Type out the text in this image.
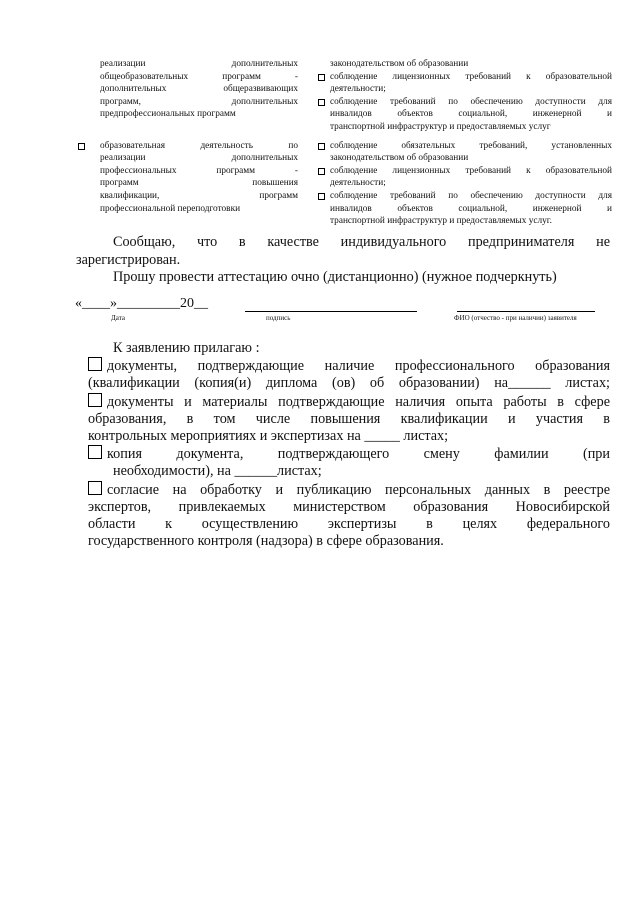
реализации дополнительных
общеобразовательных программ -
дополнительных общеразвивающих
программ, дополнительных
предпрофессиональных программ
законодательством об образовании
соблюдение лицензионных требований к образовательной
деятельности;
соблюдение требований по обеспечению доступности для
инвалидов объектов социальной, инженерной и
транспортной инфраструктур и предоставляемых услуг
образовательная деятельность по
реализации дополнительных
профессиональных программ -
программ повышения
квалификации, программ
профессиональной переподготовки
соблюдение обязательных требований, установленных
законодательством об образовании
соблюдение лицензионных требований к образовательной
деятельности;
соблюдение требований по обеспечению доступности для
инвалидов объектов социальной, инженерной и
транспортной инфраструктур и предоставляемых услуг.
Сообщаю, что в качестве индивидуального предпринимателя не
зарегистрирован.
Прошу провести аттестацию очно (дистанционно) (нужное подчеркнуть)
«____»_________20__
Дата	подпись	ФИО (отчество - при наличии) заявителя
К заявлению прилагаю :
документы, подтверждающие наличие профессионального образования
(квалификации (копия(и) диплома (ов) об образовании) на______ листах;
документы и материалы подтверждающие наличия опыта работы в сфере
образования, в том числе повышения квалификации и участия в
контрольных мероприятиях и экспертизах на _____ листах;
копия документа, подтверждающего смену фамилии (при
необходимости), на ______листах;
согласие на обработку и публикацию персональных данных в реестре
экспертов, привлекаемых министерством образования Новосибирской
области к осуществлению экспертизы в целях федерального
государственного контроля (надзора) в сфере образования.
